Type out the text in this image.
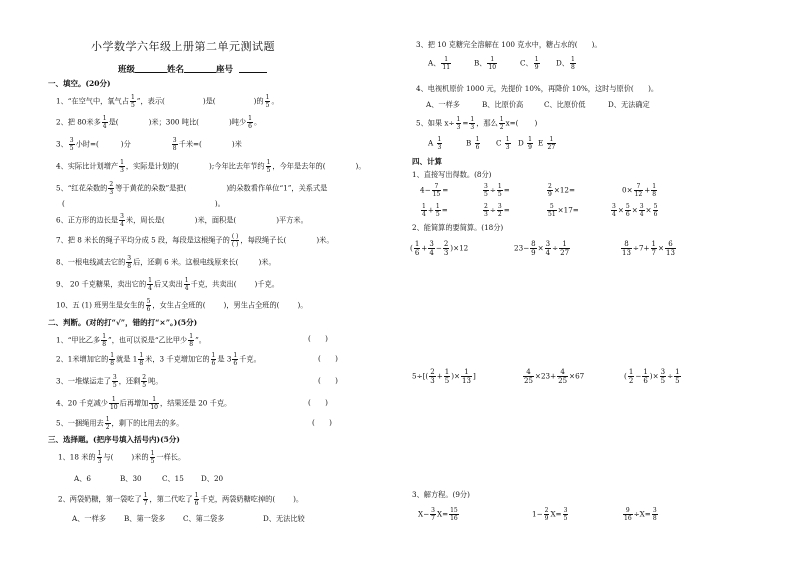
小学数学六年级上册第二单元测试题
班级	姓名	座号
一、填空。(20分)
1、“在空气中，氧气占 $\frac{1}{5}$ ”，表示(	)是(	)的 $\frac{1}{5}$ 。
2、把 80米多 $\frac{1}{4}$ 是(	)米；300 吨比(	)吨少 $\frac{1}{6}$ 。
3、 $\frac{3}{5}$ 小时=(	)分	$\frac{3}{8}$ 千米=(	)米
4、实际比计划增产 $\frac{1}{3}$ ，实际是计划的(	);今年比去年节约 $\frac{1}{5}$ ，今年是去年的(	)。
5、“红花朵数的 $\frac{2}{3}$ 等于黄花的朵数”是把(	)的朵数看作单位“1”，关系式是
(	)。
6、正方形的边长是 $\frac{3}{4}$ 米，周长是(	)米，面积是(	)平方米。
7、把 8 米长的绳子平均分成 5 段，每段是这根绳子的 $\frac{( )}{( )}$ ，每段绳子长(	)米。
8、一根电线减去它的 $\frac{3}{8}$ 后，还剩 6 米。这根电线原来长(	)米。
9、 20 千克糖果，卖出它的 $\frac{1}{4}$ 后又卖出 $\frac{1}{4}$ 千克，共卖出(	)千克。
10、五 (1) 班男生是女生的 $\frac{5}{6}$ ，女生占全班的(	)，男生占全班的(	)。
二、判断。(对的打“√”，错的打“×”。)(5分)
1、“甲比乙多 $\frac{1}{8}$ ”，也可以说是“乙比甲少 $\frac{1}{8}$ ”。	(　　)
2、1米增加它的 $\frac{1}{8}$ 就是 $1 \frac{1}{8}$ 米，3 千克增加它的 $\frac{1}{6}$ 是 $3 \frac{1}{6}$ 千克。	(　　)
3、一堆煤运走了 $\frac{3}{5}$ ，还剩 $\frac{2}{5}$ 吨。	(　　)
4、20 千克减少 $\frac{1}{10}$ 后再增加 $\frac{1}{10}$ ，结果还是 20 千克。	(　　)
5、一捆绳用去 $\frac{1}{2}$ ，剩下的比用去的多。	(　　)
三、选择题。(把序号填入括号内)(5分)
1、18 米的 $\frac{1}{3}$ 与(	)米的 $\frac{1}{5}$ 一样长。
A、6	B、30	C、15 D、20
2、两袋奶糖，第一袋吃了 $\frac{1}{7}$ ，第二代吃了 $\frac{1}{6}$ 千克，两袋奶糖吃掉的(	)。
A、一样多	B、第一袋多 C、第二袋多	D、无法比较
3、把 10 克糖完全溶解在 100 克水中，糖占水的( )。
A、 $\frac{1}{11}$	B、 $\frac{1}{10}$	C、 $\frac{1}{9}$ D、 $\frac{1}{8}$
4、电视机原价 1000 元，先提价 10%，再降价 10%，这时与原价(　　)。
A、一样多	B、比原价高	C、比原价低	D、无法确定
5、如果 $x\div \frac{1}{3} = \frac{1}{3}$ ，那么 $\frac{1}{2} x=$( )
A $\frac{1}{3}$	B $\frac{1}{6}$ C $\frac{1}{3}$ D $\frac{1}{9}$ E $\frac{1}{27}$
四、计算
1、直接写出得数。(8分)
$4- \frac{7}{15}$ =	$\frac{3}{5} \div \frac{1}{5}$ =	$\frac{2}{9} \times 12=$	$0\times \frac{7}{12} + \frac{1}{8}$
$\frac{1}{4} + \frac{1}{5}$ =	$\frac{2}{3} \div \frac{3}{2}$ =	$\frac{5}{51} \times 17=$	$\frac{3}{4} \times \frac{5}{6} \times \frac{3}{4} \times \frac{5}{6}$
2、能简算的要简算。(18分)
( $\frac{1}{6} + \frac{3}{4} - \frac{2}{3} )\times 12$	$23- \frac{8}{9} \times \frac{3}{4} \div \frac{1}{27}$	$\frac{8}{13} \div 7+ \frac{1}{7} \times \frac{6}{13}$
$5\div[( \frac{2}{3} + \frac{1}{5}$ )× $\frac{1}{13}$ ]	$\frac{4}{25} \times 23+ \frac{4}{25} \times 67$	( $\frac{1}{2} - \frac{1}{6}$ )× $\frac{3}{5} \div \frac{1}{5}$
3、解方程。(9分)
$X- \frac{3}{7} X= \frac{15}{16}$	$1- \frac{2}{9} X= \frac{3}{5}$	$\frac{9}{16} \div X= \frac{3}{8}$
